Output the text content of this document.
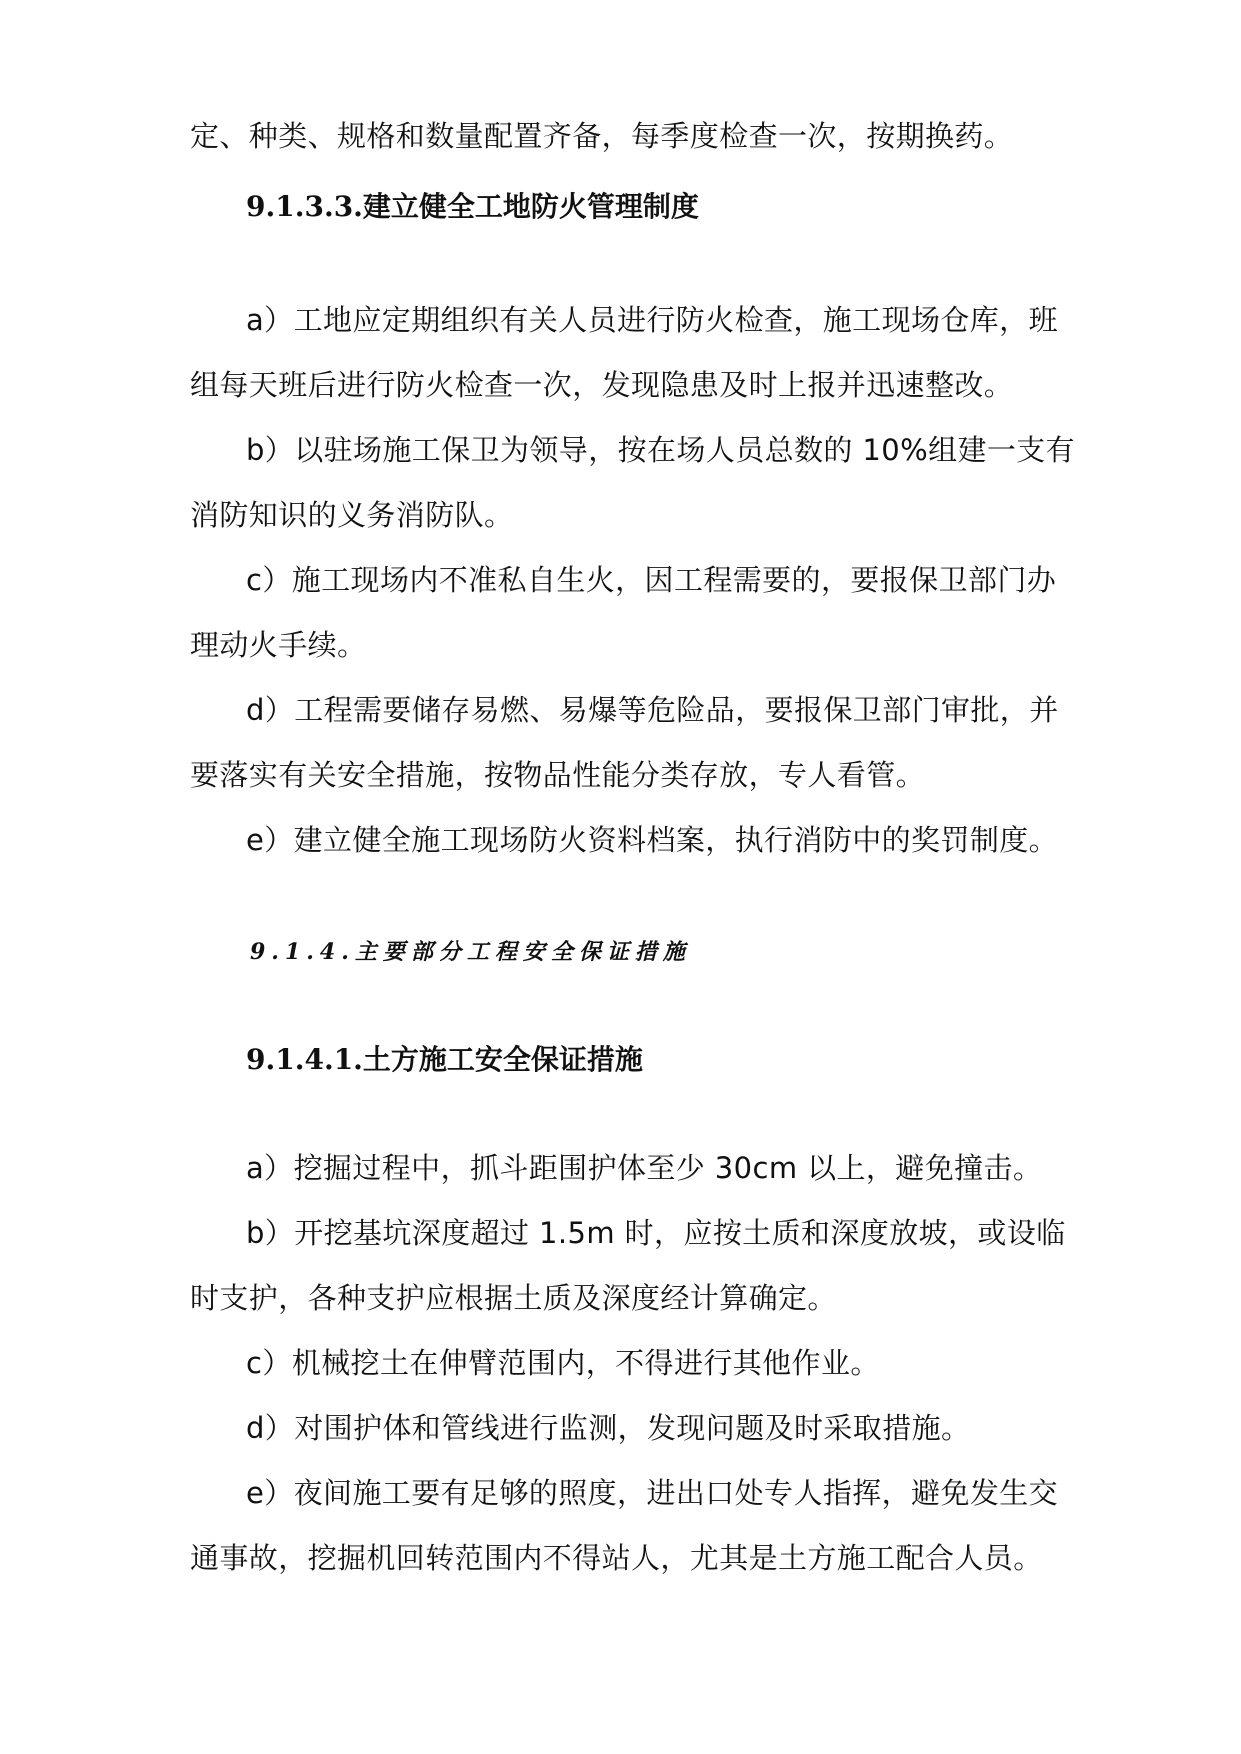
定、种类、规格和数量配置齐备，每季度检查一次，按期换药。
9.1.3.3.建立健全工地防火管理制度
a）工地应定期组织有关人员进行防火检查，施工现场仓库，班
组每天班后进行防火检查一次，发现隐患及时上报并迅速整改。
b）以驻场施工保卫为领导，按在场人员总数的 10%组建一支有
消防知识的义务消防队。
c）施工现场内不准私自生火，因工程需要的，要报保卫部门办
理动火手续。
d）工程需要储存易燃、易爆等危险品，要报保卫部门审批，并
要落实有关安全措施，按物品性能分类存放，专人看管。
e）建立健全施工现场防火资料档案，执行消防中的奖罚制度。
9.1.4.主要部分工程安全保证措施
9.1.4.1.土方施工安全保证措施
a）挖掘过程中，抓斗距围护体至少 30cm 以上，避免撞击。
b）开挖基坑深度超过 1.5m 时，应按土质和深度放坡，或设临
时支护，各种支护应根据土质及深度经计算确定。
c）机械挖土在伸臂范围内，不得进行其他作业。
d）对围护体和管线进行监测，发现问题及时采取措施。
e）夜间施工要有足够的照度，进出口处专人指挥，避免发生交
通事故，挖掘机回转范围内不得站人，尤其是土方施工配合人员。
